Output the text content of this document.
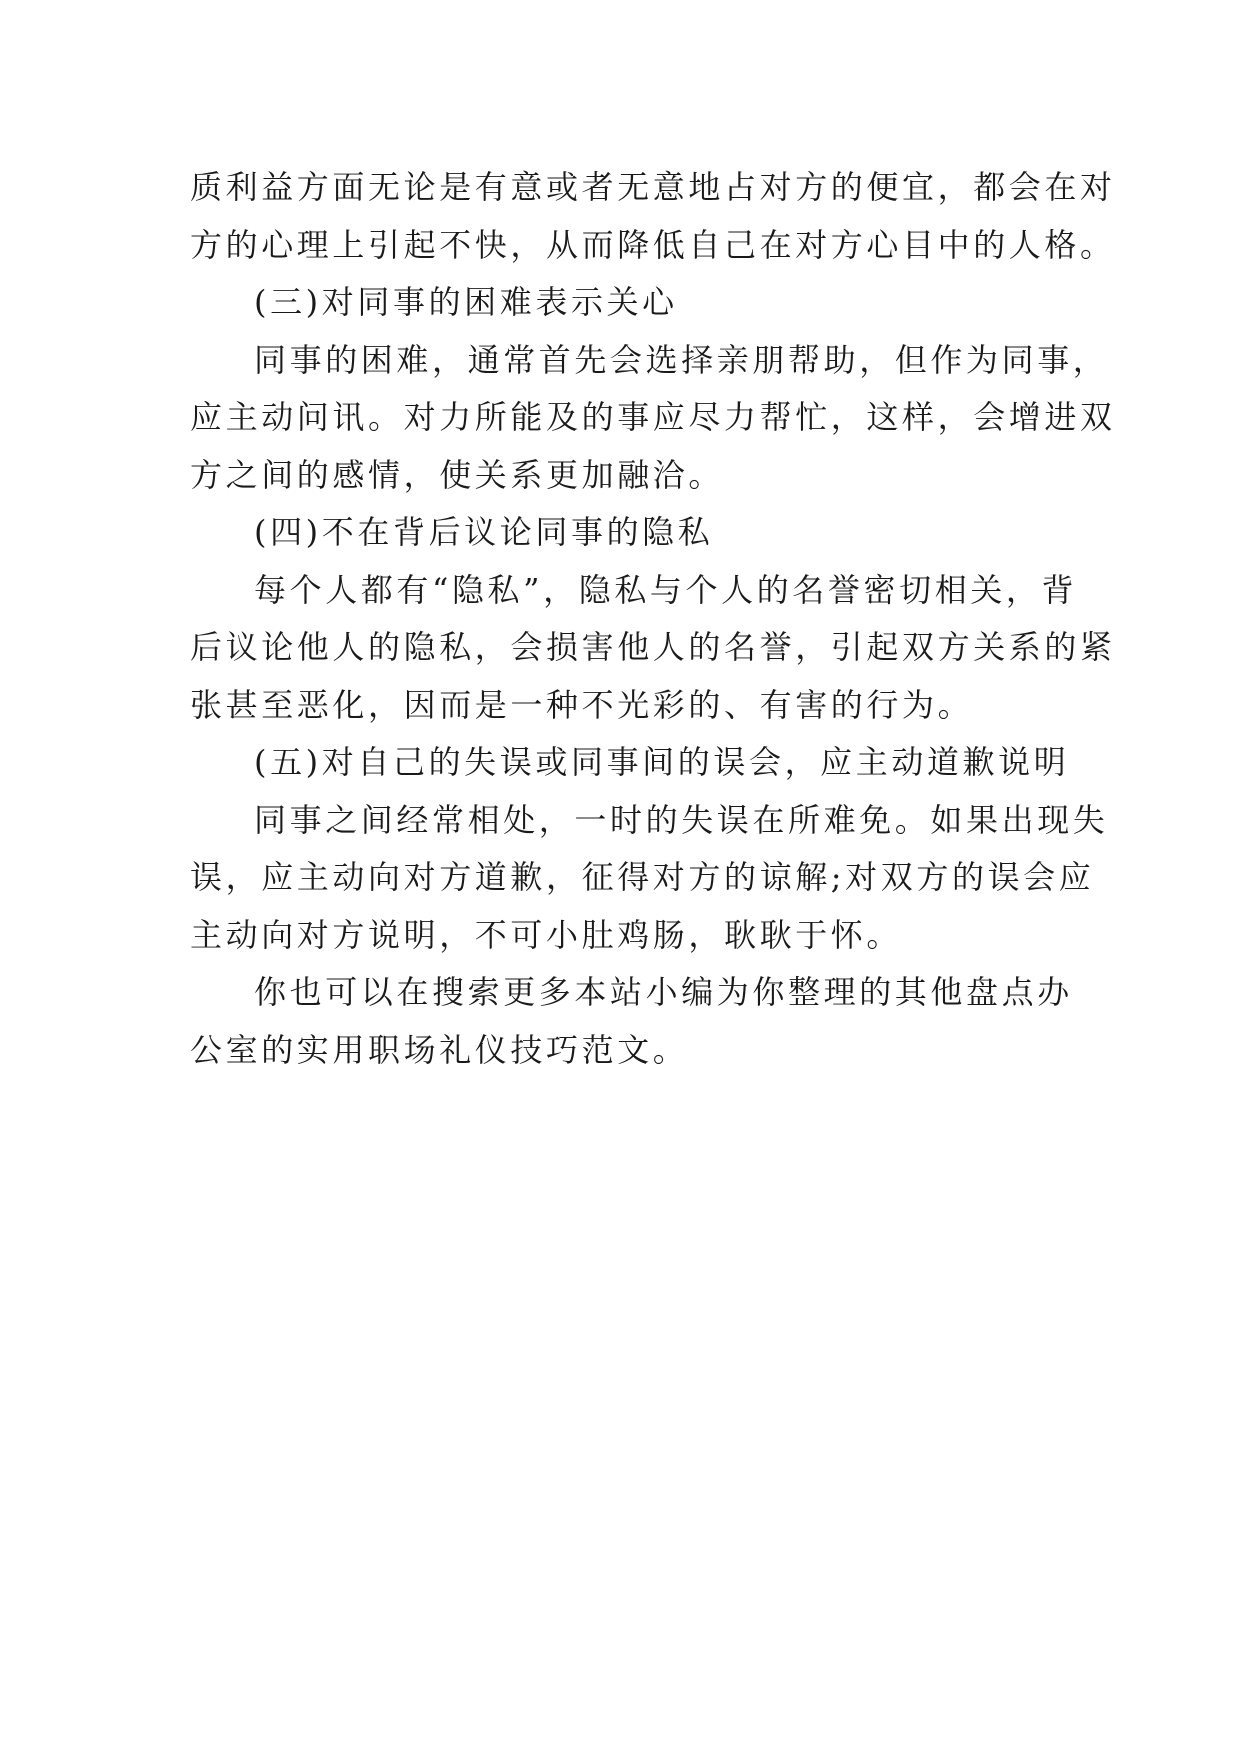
质利益方面无论是有意或者无意地占对方的便宜，都会在对
方的心理上引起不快，从而降低自己在对方心目中的人格。
(三)对同事的困难表示关心
同事的困难，通常首先会选择亲朋帮助，但作为同事，
应主动问讯。对力所能及的事应尽力帮忙，这样，会增进双
方之间的感情，使关系更加融洽。
(四)不在背后议论同事的隐私
每个人都有“隐私”，隐私与个人的名誉密切相关，背
后议论他人的隐私，会损害他人的名誉，引起双方关系的紧
张甚至恶化，因而是一种不光彩的、有害的行为。
(五)对自己的失误或同事间的误会，应主动道歉说明
同事之间经常相处，一时的失误在所难免。如果出现失
误，应主动向对方道歉，征得对方的谅解;对双方的误会应
主动向对方说明，不可小肚鸡肠，耿耿于怀。
你也可以在搜索更多本站小编为你整理的其他盘点办
公室的实用职场礼仪技巧范文。
